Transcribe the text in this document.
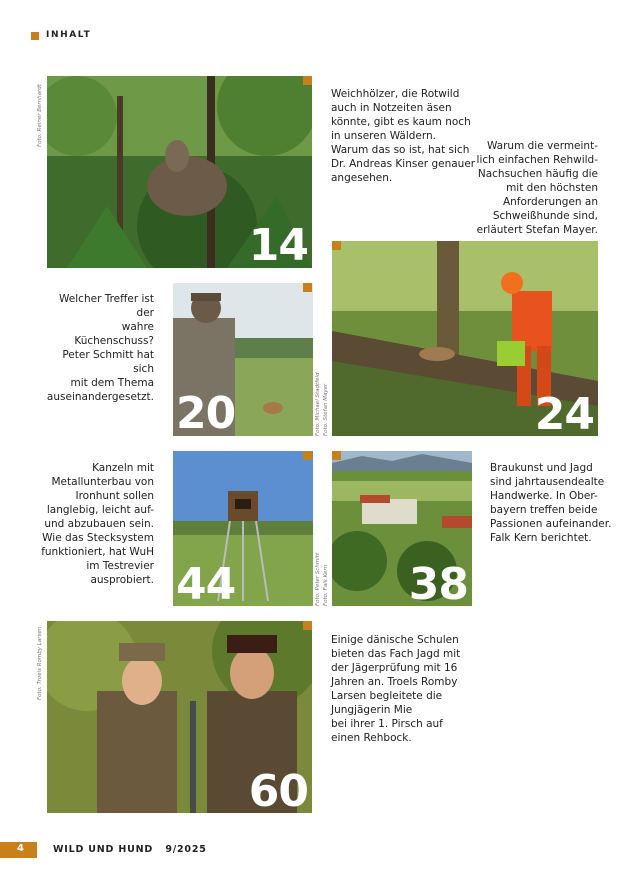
INHALT
Foto: Reiner Bernhardt
14
Weichhölzer, die Rotwild
auch in Notzeiten äsen
könnte, gibt es kaum noch
in unseren Wäldern.
Warum das so ist, hat sich
Dr. Andreas Kinser genauer
angesehen.
Warum die vermeint-
lich einfachen Rehwild-
Nachsuchen häufig die
mit den höchsten
Anforderungen an
Schweißhunde sind,
erläutert Stefan Mayer.
Welcher Treffer ist der
wahre Küchenschuss?
Peter Schmitt hat sich
mit dem Thema
auseinandergesetzt. 20	Foto: Michael Stadtfeld Foto: Stefan Mayer	24
Kanzeln mit
Metallunterbau von
Ironhunt sollen
langlebig, leicht auf-
und abzubauen sein.
Wie das Stecksystem
funktioniert, hat WuH
im Testrevier
ausprobiert. 44	Foto: Peter Schmitt Foto: Falk Kern 38
Braukunst und Jagd
sind jahrtausendealte
Handwerke. In Ober-
bayern treffen beide
Passionen aufeinander.
Falk Kern berichtet.
Foto: Troels Romby Larsen
60
Einige dänische Schulen
bieten das Fach Jagd mit
der Jägerprüfung mit 16
Jahren an. Troels Romby
Larsen begleitete die
Jungjägerin Mie
bei ihrer 1. Pirsch auf
einen Rehbock.
4	WILD UND HUND   9/2025
